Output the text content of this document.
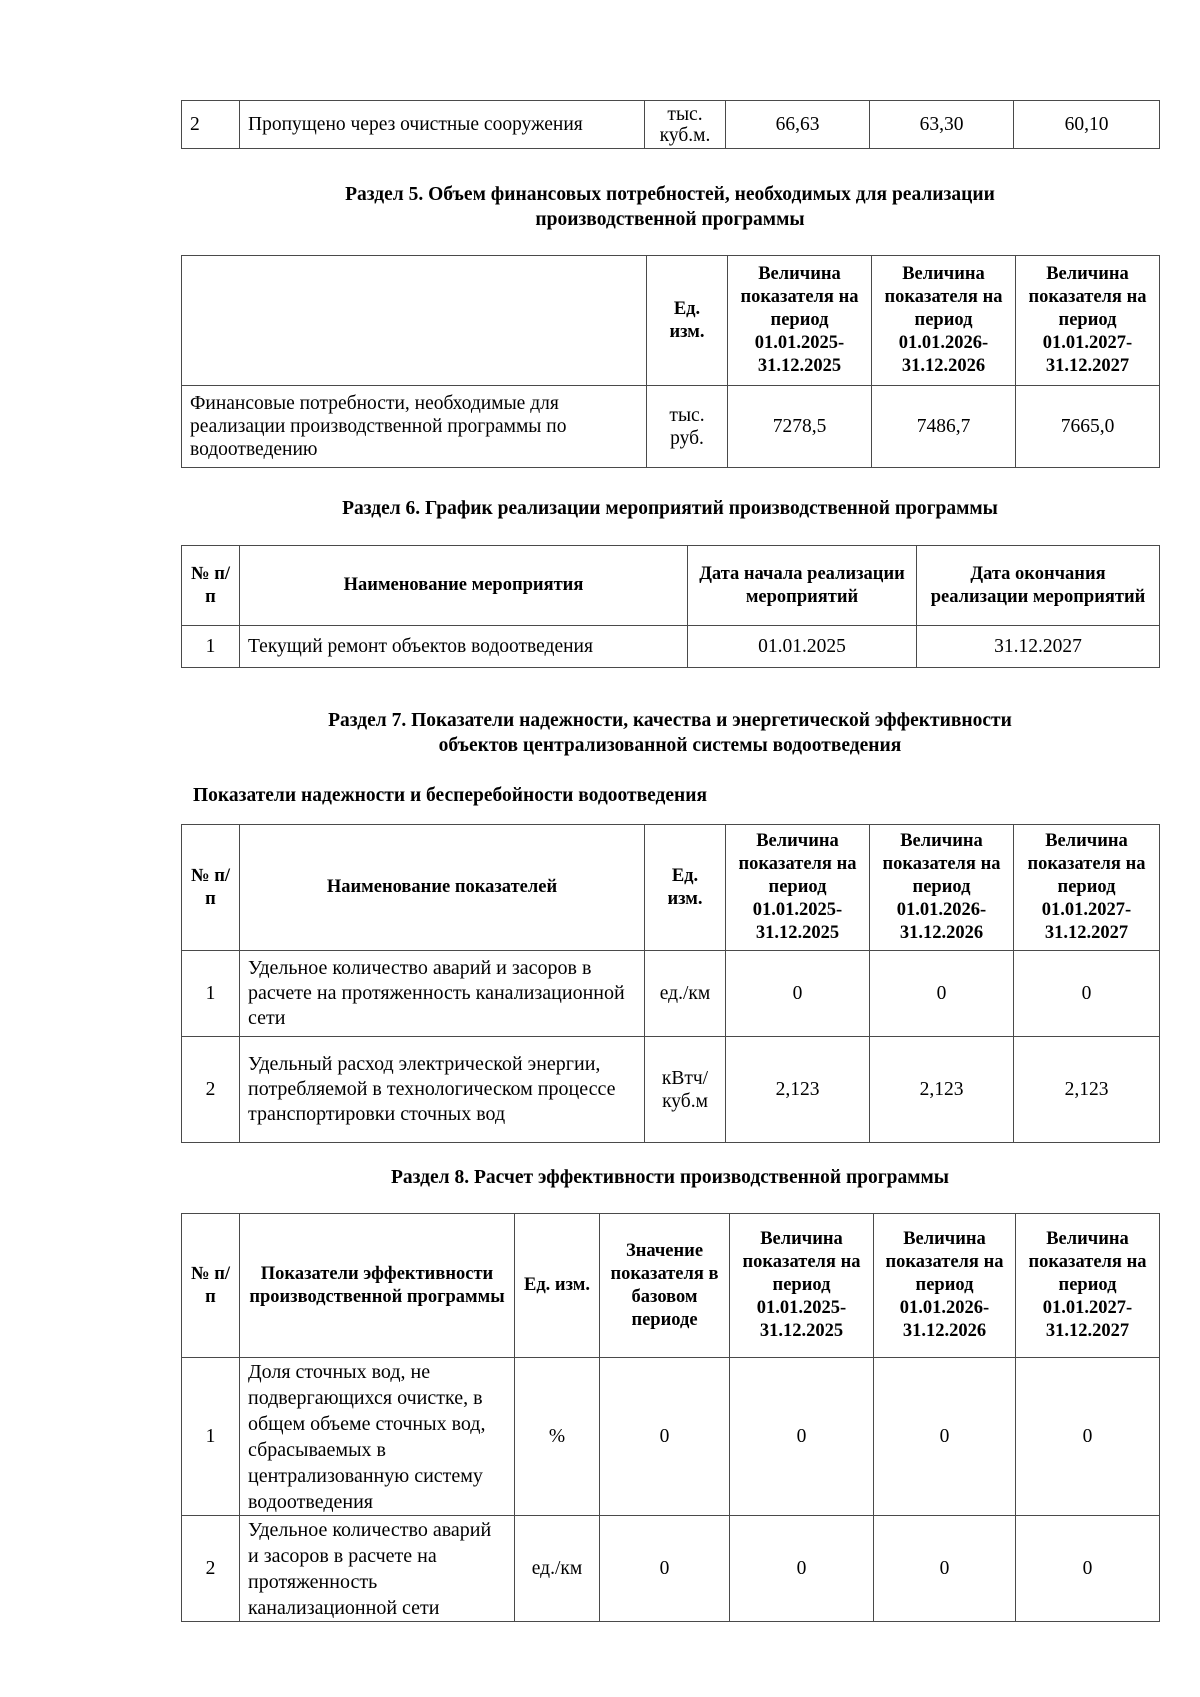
2	Пропущено через очистные сооружения	тыс. куб.м.	66,63	63,30	60,10
Раздел 5. Объем финансовых потребностей, необходимых для реализации
производственной программы
	Ед. изм.	Величина показателя на период 01.01.2025-31.12.2025	Величина показателя на период 01.01.2026-31.12.2026	Величина показателя на период 01.01.2027-31.12.2027
Финансовые потребности, необходимые для реализации производственной программы по водоотведению	тыс. руб.	7278,5	7486,7	7665,0
Раздел 6. График реализации мероприятий производственной программы
№ п/п	Наименование мероприятия	Дата начала реализации мероприятий	Дата окончания реализации мероприятий
1	Текущий ремонт объектов водоотведения	01.01.2025	31.12.2027
Раздел 7. Показатели надежности, качества и энергетической эффективности
объектов централизованной системы водоотведения
Показатели надежности и бесперебойности водоотведения
№ п/п	Наименование показателей	Ед. изм.	Величина показателя на период 01.01.2025-31.12.2025	Величина показателя на период 01.01.2026-31.12.2026	Величина показателя на период 01.01.2027-31.12.2027
1	Удельное количество аварий и засоров в расчете на протяженность канализационной сети	ед./км	0	0	0
2	Удельный расход электрической энергии, потребляемой в технологическом процессе транспортировки сточных вод	кВтч/ куб.м	2,123	2,123	2,123
Раздел 8. Расчет эффективности производственной программы
№ п/п	Показатели эффективности производственной программы	Ед. изм.	Значение показателя в базовом периоде	Величина показателя на период 01.01.2025-31.12.2025	Величина показателя на период 01.01.2026-31.12.2026	Величина показателя на период 01.01.2027-31.12.2027
1	Доля сточных вод, не подвергающихся очистке, в общем объеме сточных вод, сбрасываемых в централизованную систему водоотведения	%	0	0	0	0
2	Удельное количество аварий и засоров в расчете на протяженность канализационной сети	ед./км	0	0	0	0
